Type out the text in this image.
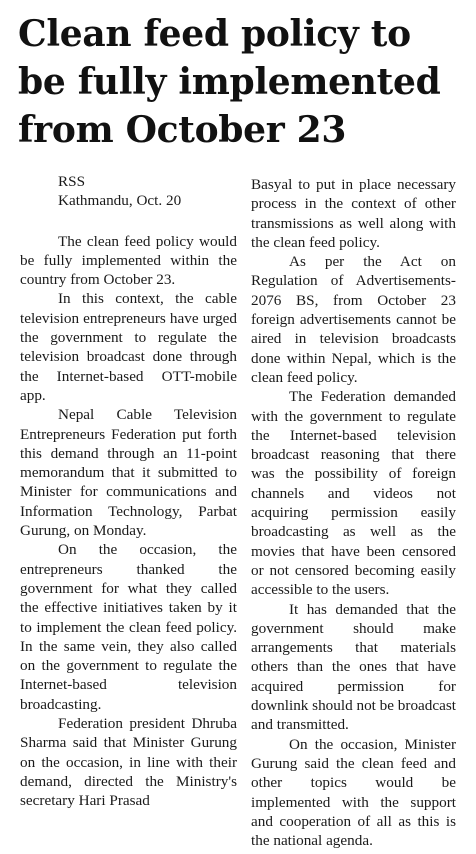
Clean feed policy to
be fully implemented
from October 23
RSS
Kathmandu, Oct. 20

The clean feed policy would be fully implemented within the country from October 23.

In this context, the cable television entrepreneurs have urged the government to regulate the television broadcast done through the Internet-based OTT-mobile app.

Nepal Cable Television Entrepreneurs Federation put forth this demand through an 11-point memorandum that it submitted to Minister for communications and Information Technology, Parbat Gurung, on Monday.

On the occasion, the entrepreneurs thanked the government for what they called the effective initiatives taken by it to implement the clean feed policy. In the same vein, they also called on the government to regulate the Internet-based television broadcasting.

Federation president Dhruba Sharma said that Minister Gurung on the occasion, in line with their demand, directed the Ministry's secretary Hari Prasad

Basyal to put in place necessary process in the context of other transmissions as well along with the clean feed policy.

As per the Act on Regulation of Advertisements-2076 BS, from October 23 foreign advertisements cannot be aired in television broadcasts done within Nepal, which is the clean feed policy.

The Federation demanded with the government to regulate the Internet-based television broadcast reasoning that there was the possibility of foreign channels and videos not acquiring permission easily broadcasting as well as the movies that have been censored or not censored becoming easily accessible to the users.

It has demanded that the government should make arrangements that materials others than the ones that have acquired permission for downlink should not be broadcast and transmitted.

On the occasion, Minister Gurung said the clean feed and other topics would be implemented with the support and cooperation of all as this is the national agenda.
